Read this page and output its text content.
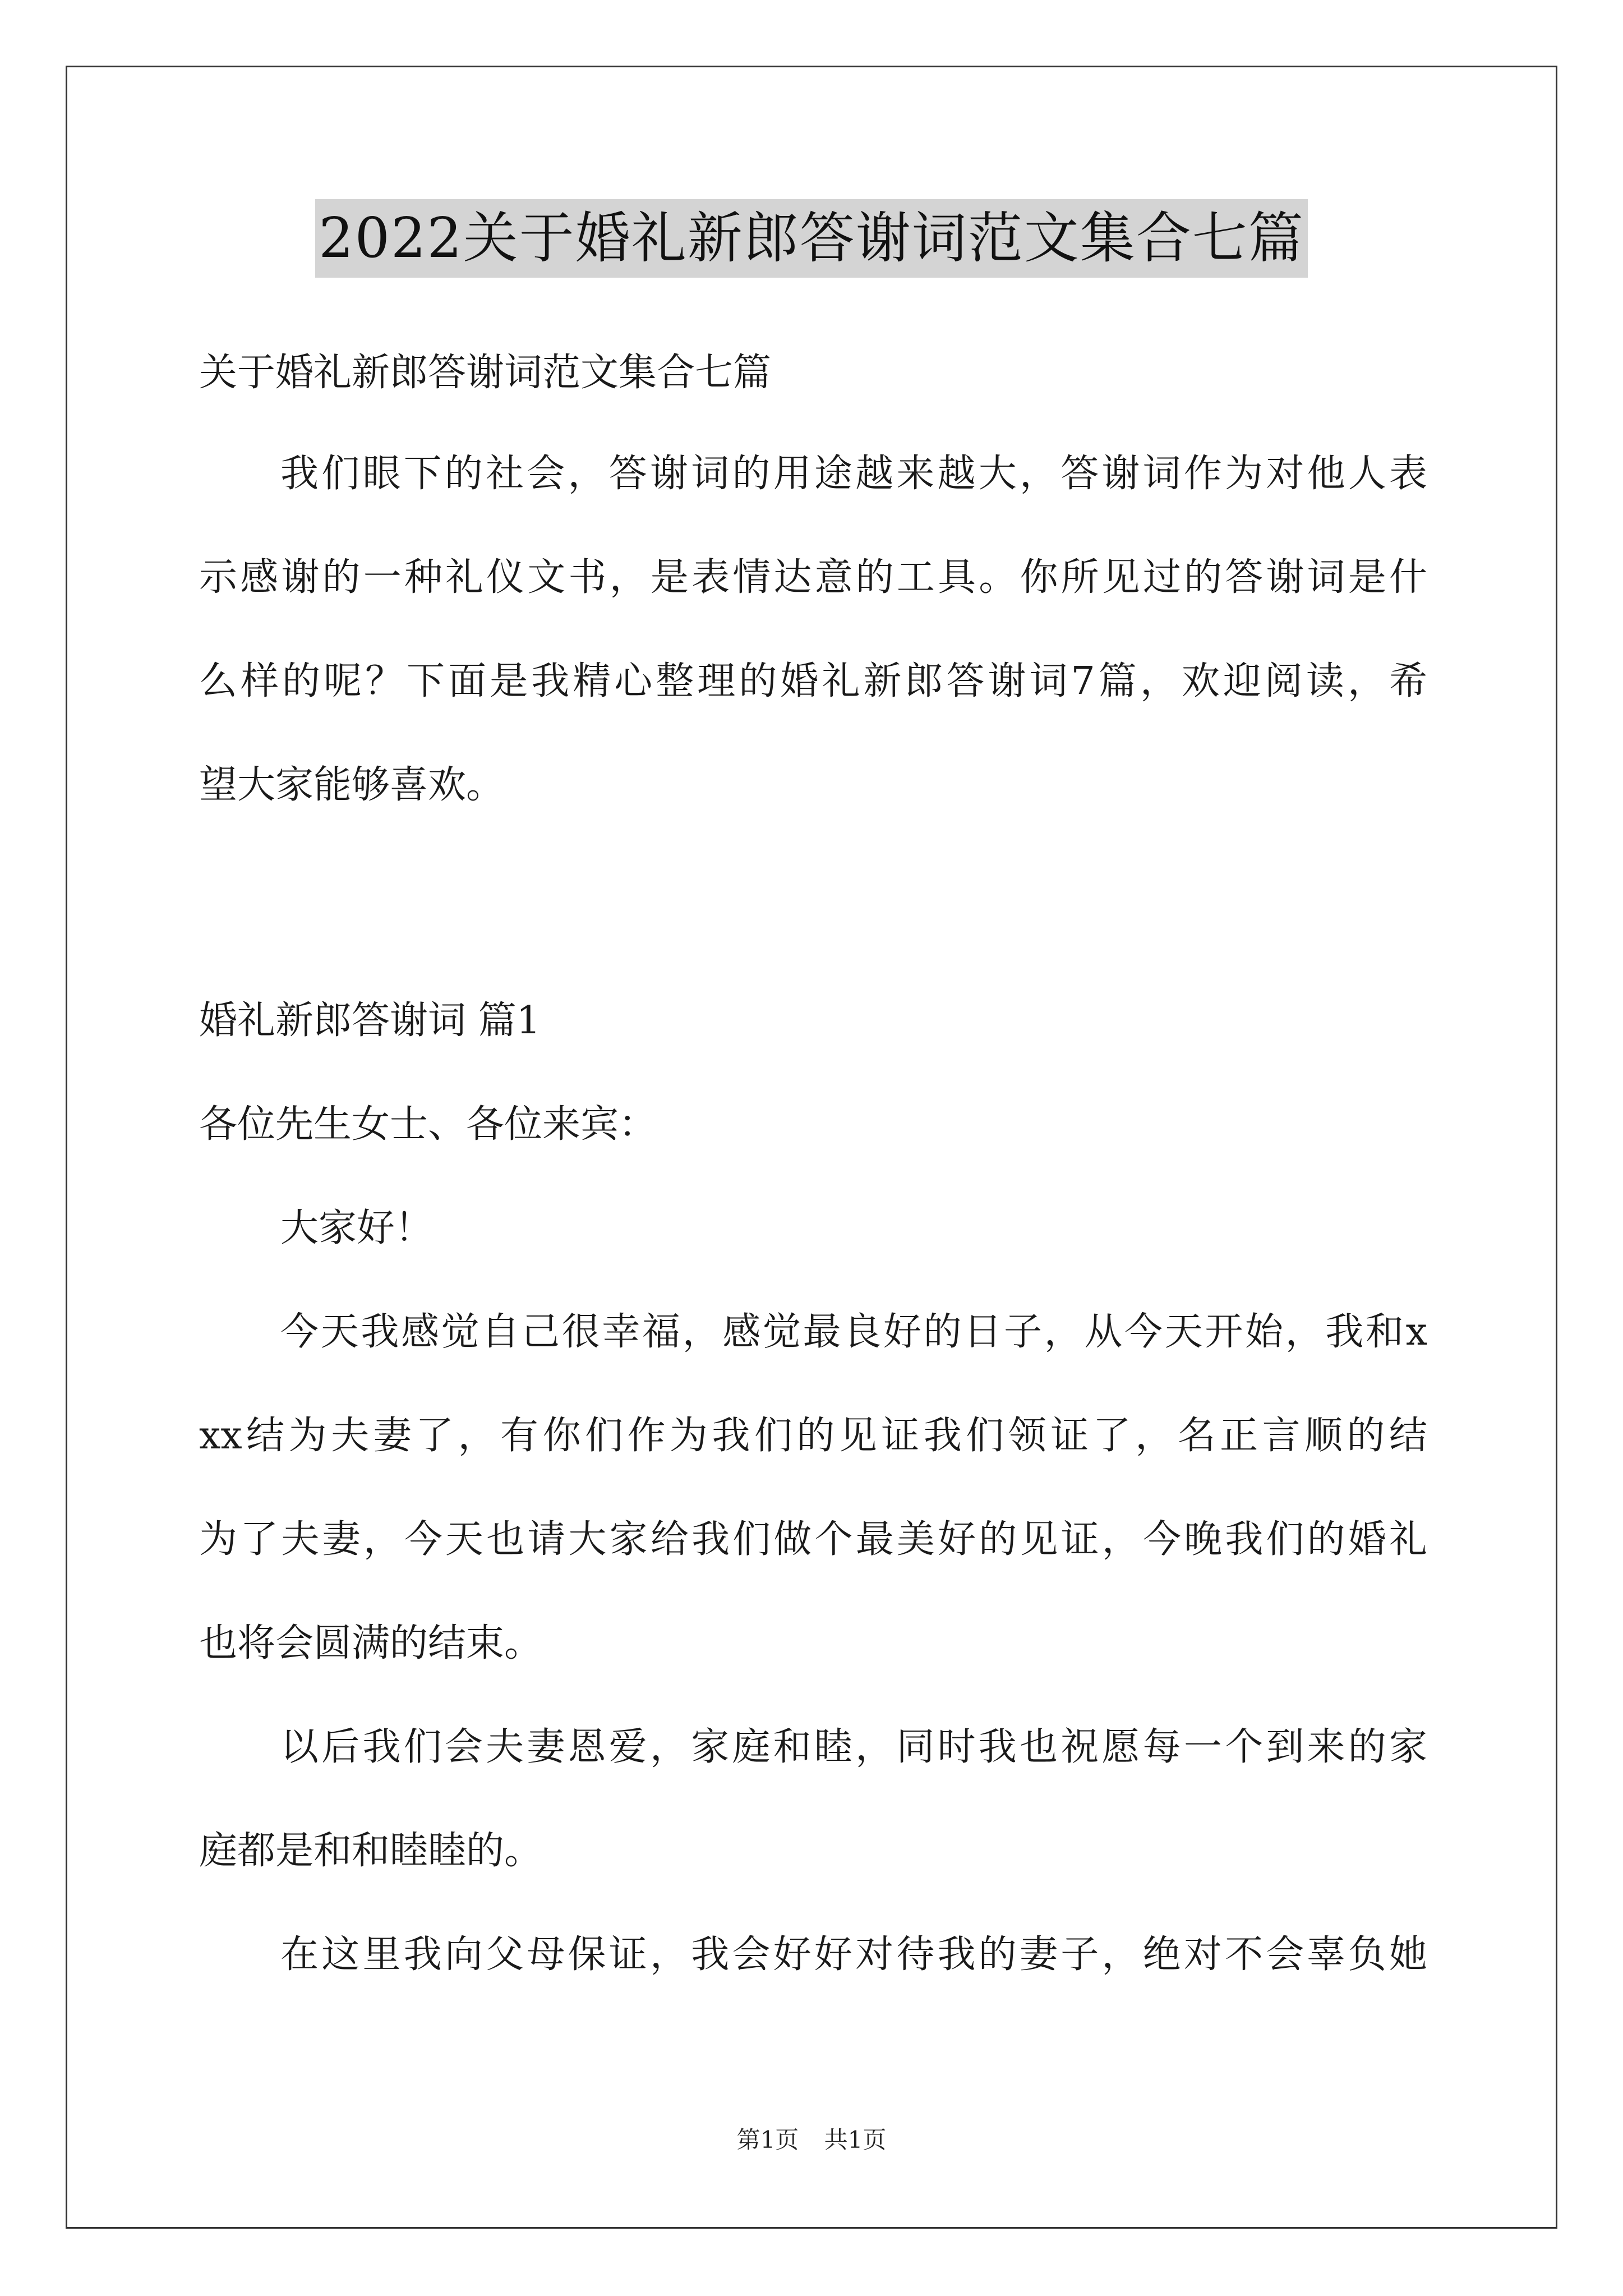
2022关于婚礼新郎答谢词范文集合七篇
关于婚礼新郎答谢词范文集合七篇
我们眼下的社会，答谢词的用途越来越大，答谢词作为对他人表
示感谢的一种礼仪文书，是表情达意的工具。你所见过的答谢词是什
么样的呢？下面是我精心整理的婚礼新郎答谢词7篇，欢迎阅读，希
望大家能够喜欢。
婚礼新郎答谢词 篇1
各位先生女士、各位来宾：
大家好！
今天我感觉自己很幸福，感觉最良好的日子，从今天开始，我和x
xx结为夫妻了，有你们作为我们的见证我们领证了，名正言顺的结
为了夫妻，今天也请大家给我们做个最美好的见证，今晚我们的婚礼
也将会圆满的结束。
以后我们会夫妻恩爱，家庭和睦，同时我也祝愿每一个到来的家
庭都是和和睦睦的。
在这里我向父母保证，我会好好对待我的妻子，绝对不会辜负她
第1页 共1页
